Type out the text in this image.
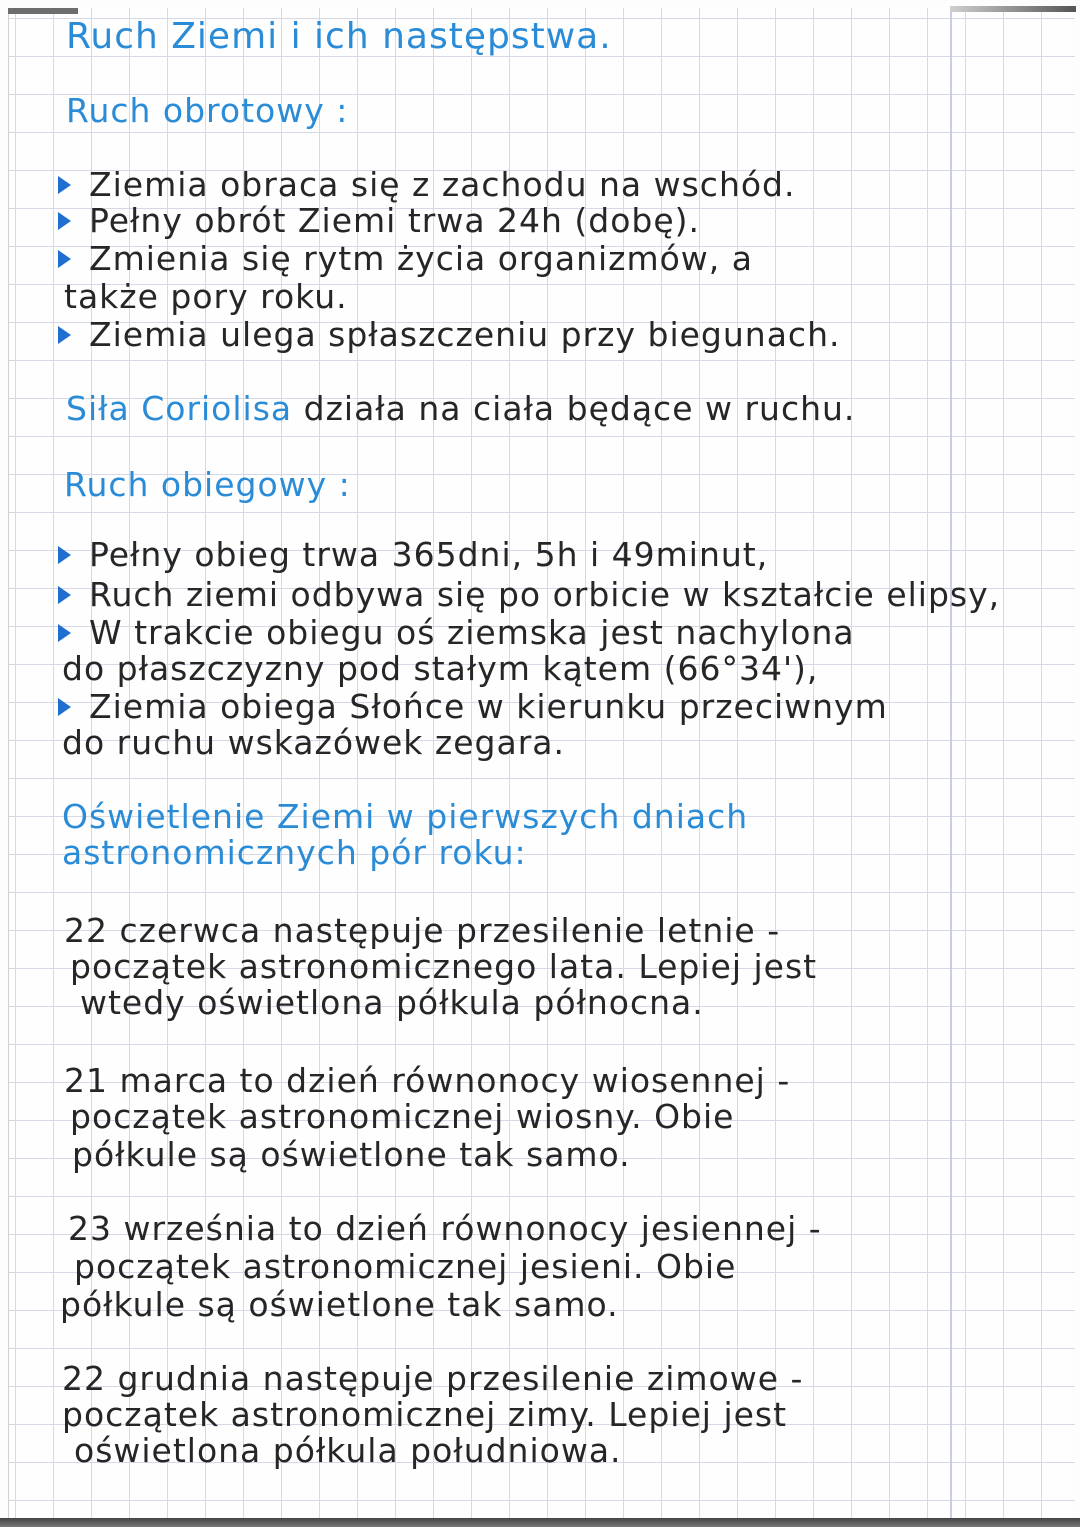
Ruch Ziemi i ich następstwa.
Ruch obrotowy :
Ziemia obraca się z zachodu na wschód.
Pełny obrót Ziemi trwa 24h (dobę).
Zmienia się rytm życia organizmów, a
także pory roku.
Ziemia ulega spłaszczeniu przy biegunach.
Siła Coriolisa działa na ciała będące w ruchu.
Ruch obiegowy :
Pełny obieg trwa 365dni, 5h i 49minut,
Ruch ziemi odbywa się po orbicie w kształcie elipsy,
W trakcie obiegu oś ziemska jest nachylona
do płaszczyzny pod stałym kątem (66°34'),
Ziemia obiega Słońce w kierunku przeciwnym
do ruchu wskazówek zegara.
Oświetlenie Ziemi w pierwszych dniach
astronomicznych pór roku:
22 czerwca następuje przesilenie letnie -
początek astronomicznego lata. Lepiej jest
wtedy oświetlona półkula północna.
21 marca to dzień równonocy wiosennej -
początek astronomicznej wiosny. Obie
półkule są oświetlone tak samo.
23 września to dzień równonocy jesiennej -
początek astronomicznej jesieni. Obie
półkule są oświetlone tak samo.
22 grudnia następuje przesilenie zimowe -
początek astronomicznej zimy. Lepiej jest
oświetlona półkula południowa.
